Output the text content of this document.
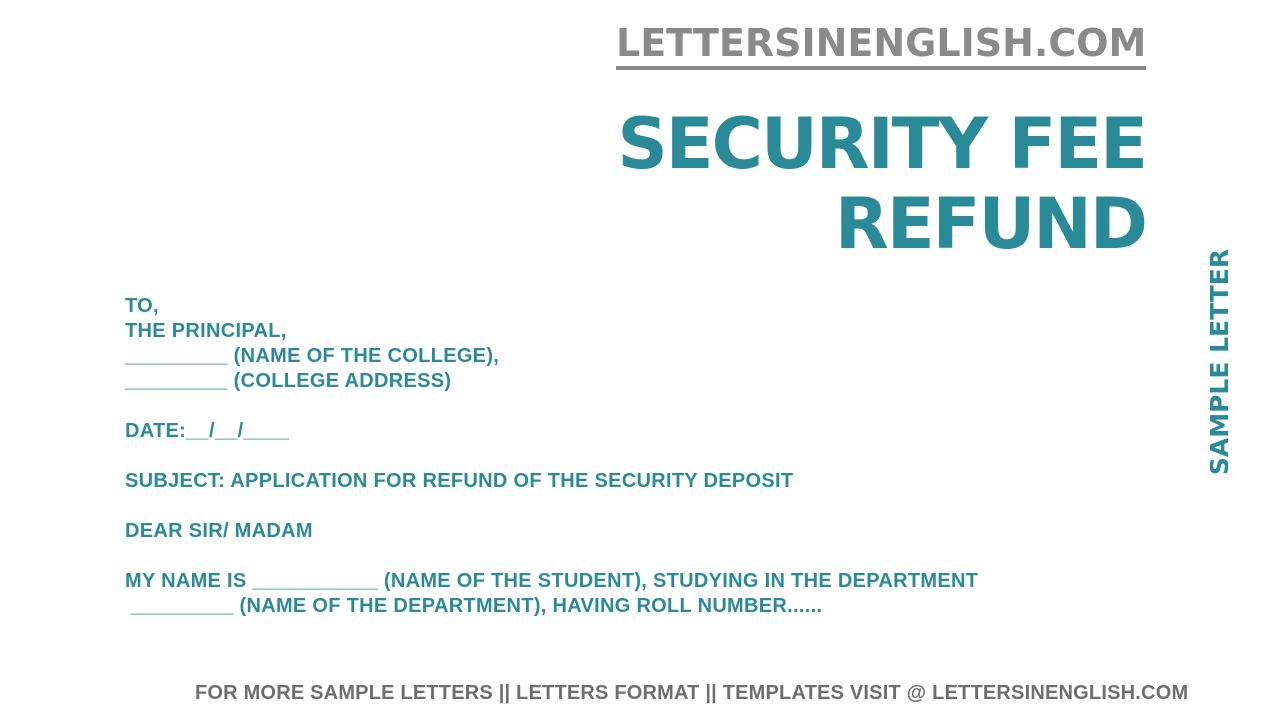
LETTERSINENGLISH.COM
SECURITY FEE
REFUND
SAMPLE LETTER
TO,
THE PRINCIPAL,
_________ (NAME OF THE COLLEGE),
_________ (COLLEGE ADDRESS)
DATE:__/__/____
SUBJECT: APPLICATION FOR REFUND OF THE SECURITY DEPOSIT
DEAR SIR/ MADAM
MY NAME IS ___________ (NAME OF THE STUDENT), STUDYING IN THE DEPARTMENT
_________ (NAME OF THE DEPARTMENT), HAVING ROLL NUMBER......
FOR MORE SAMPLE LETTERS || LETTERS FORMAT || TEMPLATES VISIT @ LETTERSINENGLISH.COM
